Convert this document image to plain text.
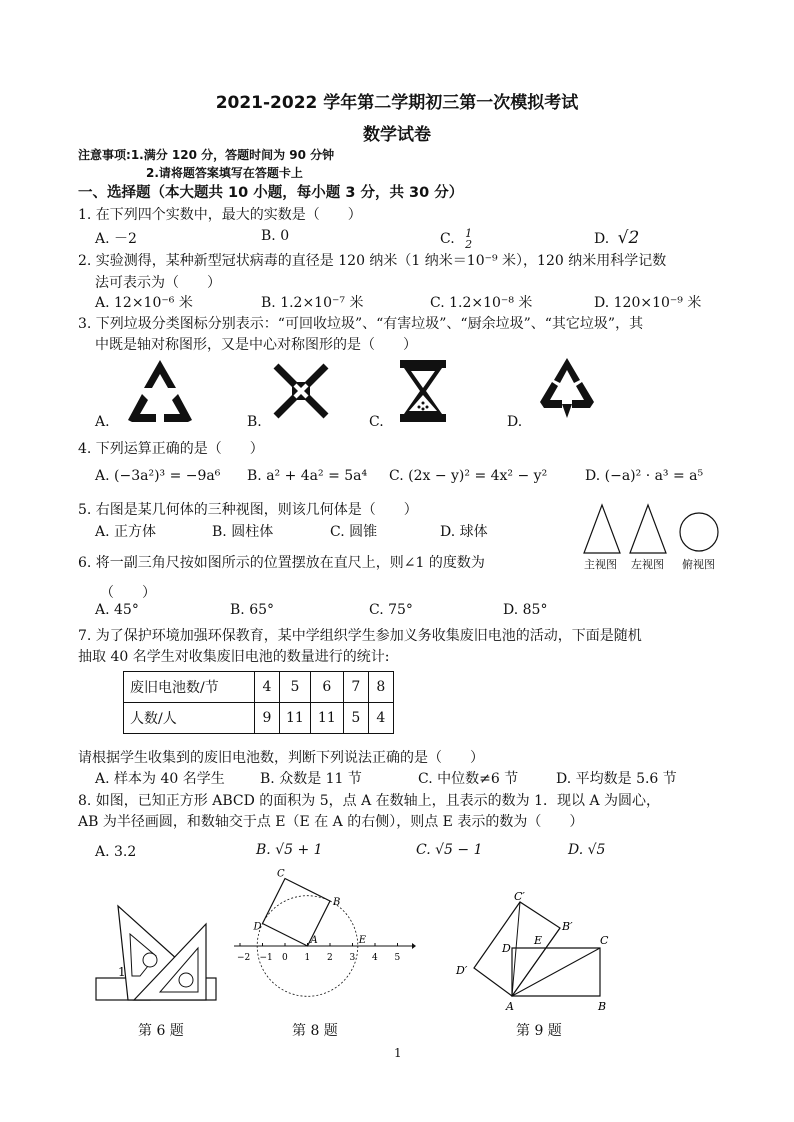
2021-2022 学年第二学期初三第一次模拟考试
数学试卷
注意事项:1.满分 120 分，答题时间为 90 分钟
2.请将题答案填写在答题卡上
一、选择题（本大题共 10 小题，每小题 3 分，共 30 分）
1. 在下列四个实数中，最大的实数是（　　）
A. －2	B. 0	C. 1
2	D. √2
2. 实验测得，某种新型冠状病毒的直径是 120 纳米（1 纳米＝10⁻⁹ 米），120 纳米用科学记数
法可表示为（　　）
A. 12×10⁻⁶ 米	B. 1.2×10⁻⁷ 米	C. 1.2×10⁻⁸ 米	D. 120×10⁻⁹ 米
3. 下列垃圾分类图标分别表示：“可回收垃圾”、“有害垃圾”、“厨余垃圾”、“其它垃圾”，其
中既是轴对称图形，又是中心对称图形的是（　　）
A.	B.	C.	D.
4. 下列运算正确的是（　　）
A. (−3a²)³ = −9a⁶ B. a² + 4a² = 5a⁴ C. (2x − y)² = 4x² − y²	D. (−a)² · a³ = a⁵
5. 右图是某几何体的三种视图，则该几何体是（　　）
A. 正方体	B. 圆柱体	C. 圆锥	D. 球体
主视图 左视图 俯视图
6. 将一副三角尺按如图所示的位置摆放在直尺上，则∠1 的度数为
（　　）
A. 45°	B. 65°	C. 75°	D. 85°
7. 为了保护环境加强环保教育，某中学组织学生参加义务收集废旧电池的活动，下面是随机
抽取 40 名学生对收集废旧电池的数量进行的统计:
废旧电池数/节	4	5	6	7	8
人数/人	9	11	11	5	4
请根据学生收集到的废旧电池数，判断下列说法正确的是（　　）
A. 样本为 40 名学生	B. 众数是 11 节	C. 中位数≠6 节	D. 平均数是 5.6 节
8. 如图，已知正方形 ABCD 的面积为 5，点 A 在数轴上，且表示的数为 1．现以 A 为圆心，
AB 为半径画圆，和数轴交于点 E（E 在 A 的右侧），则点 E 表示的数为（　　）
A. 3.2	B. √5 + 1	C. √5 − 1	D. √5
1
第 6 题
−2 −1 0 1 2 3 4 5
C
B
D
A	E
第 8 题
C′
B′
D
E	C
D′
A	B
第 9 题
1
